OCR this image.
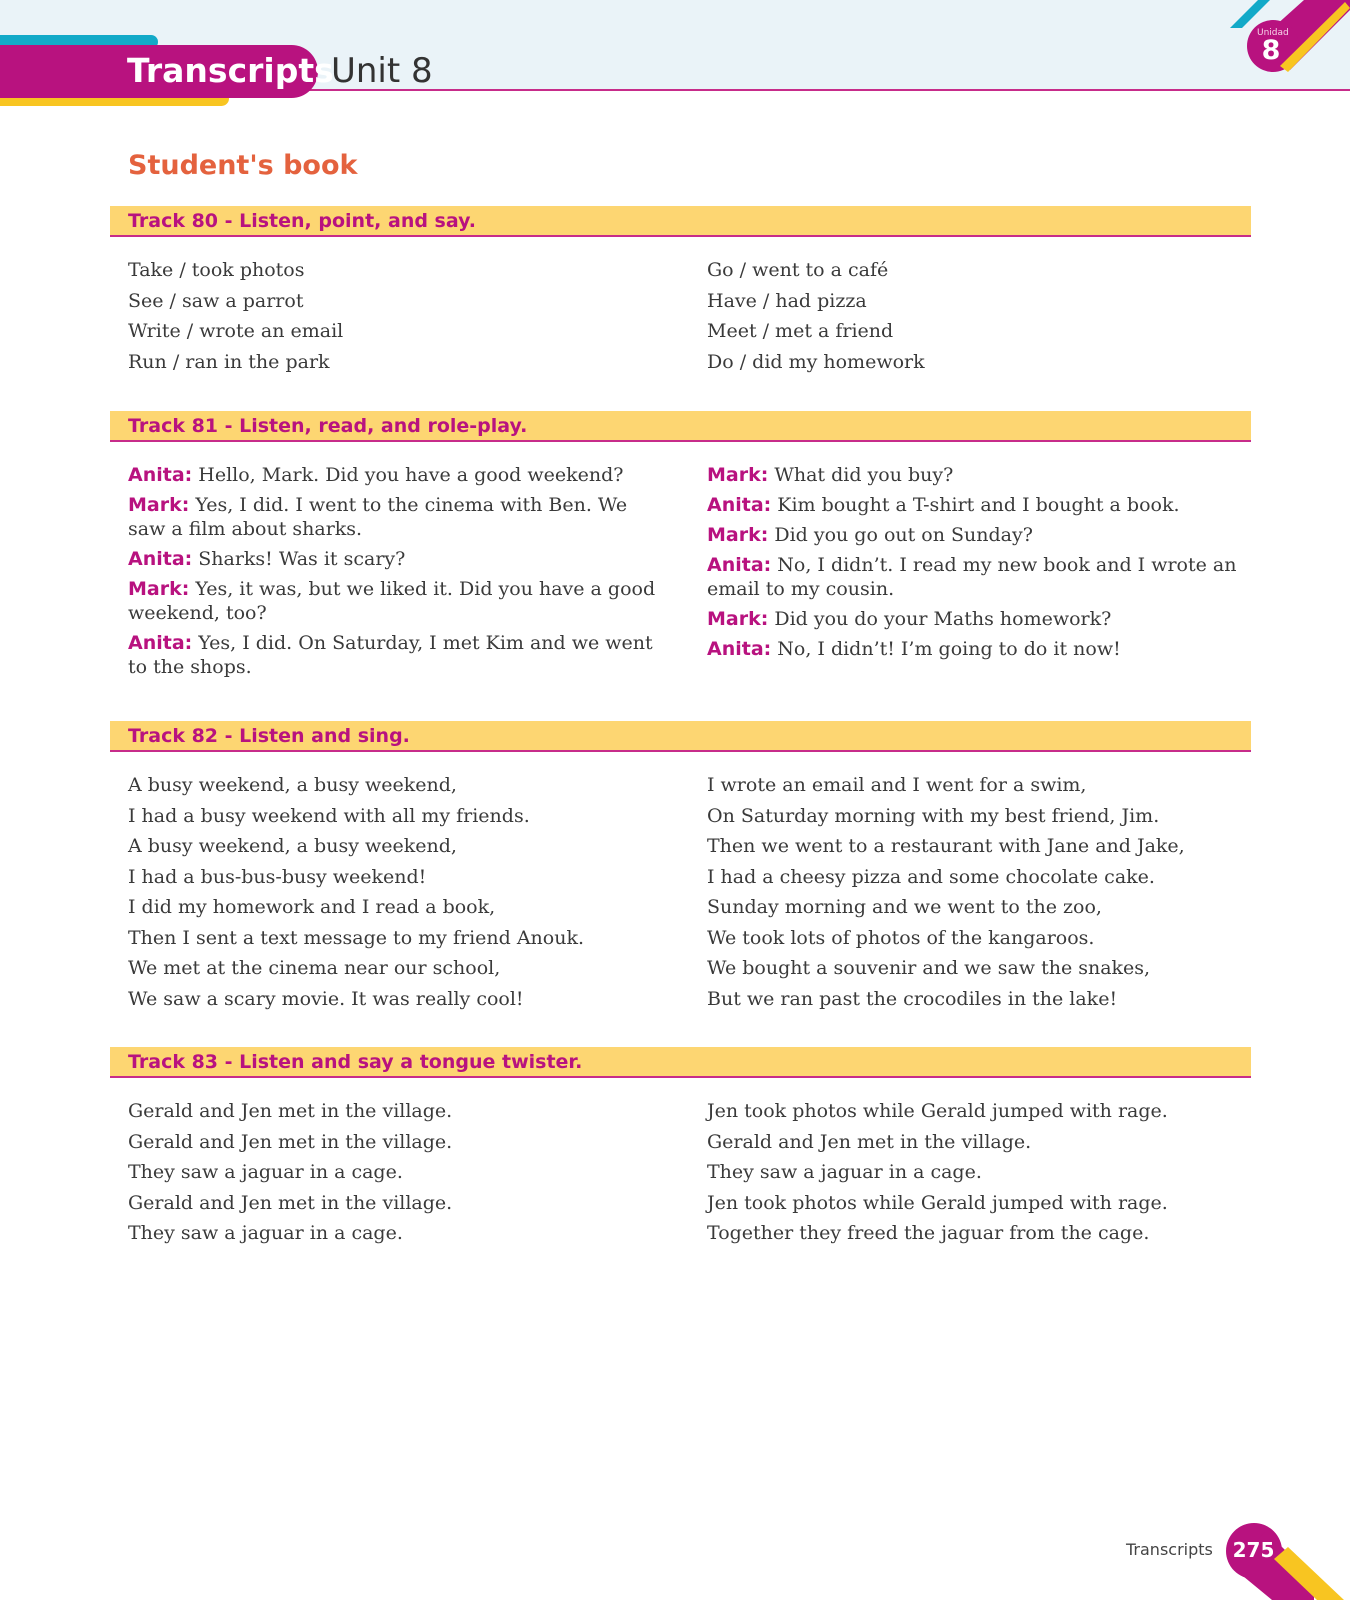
Transcripts
Unit 8
Unidad
8
Student's book
Track 80 - Listen, point, and say.

Take / took photos

See / saw a parrot

Write / wrote an email

Run / ran in the park

Go / went to a café

Have / had pizza

Meet / met a friend

Do / did my homework

Track 81 - Listen, read, and role-play.

Anita: Hello, Mark. Did you have a good weekend?

Mark: Yes, I did. I went to the cinema with Ben. We saw a film about sharks.

Anita: Sharks! Was it scary?

Mark: Yes, it was, but we liked it. Did you have a good weekend, too?

Anita: Yes, I did. On Saturday, I met Kim and we went to the shops.

Mark: What did you buy?

Anita: Kim bought a T-shirt and I bought a book.

Mark: Did you go out on Sunday?

Anita: No, I didn’t. I read my new book and I wrote an email to my cousin.

Mark: Did you do your Maths homework?

Anita: No, I didn’t! I’m going to do it now!

Track 82 - Listen and sing.

A busy weekend, a busy weekend,

I had a busy weekend with all my friends.

A busy weekend, a busy weekend,

I had a bus-bus-busy weekend!

I did my homework and I read a book,

Then I sent a text message to my friend Anouk.

We met at the cinema near our school,

We saw a scary movie. It was really cool!

I wrote an email and I went for a swim,

On Saturday morning with my best friend, Jim.

Then we went to a restaurant with Jane and Jake,

I had a cheesy pizza and some chocolate cake.

Sunday morning and we went to the zoo,

We took lots of photos of the kangaroos.

We bought a souvenir and we saw the snakes,

But we ran past the crocodiles in the lake!

Track 83 - Listen and say a tongue twister.

Gerald and Jen met in the village.

Gerald and Jen met in the village.

They saw a jaguar in a cage.

Gerald and Jen met in the village.

They saw a jaguar in a cage.

Jen took photos while Gerald jumped with rage.

Gerald and Jen met in the village.

They saw a jaguar in a cage.

Jen took photos while Gerald jumped with rage.

Together they freed the jaguar from the cage.

Transcripts 275
